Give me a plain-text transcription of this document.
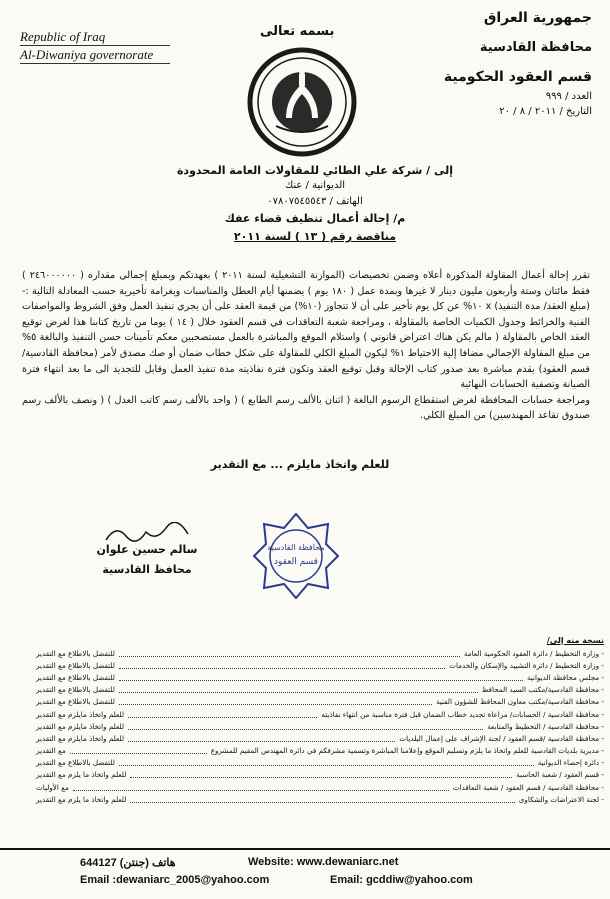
Republic of Iraq
Al-Diwaniya governorate
بسمه تعالى
جمهورية العراق
محافظة القادسية
قسم العقود الحكومية
العدد / ٩٩٩
التاريخ / ٢٠١١ / ٨ / ٢٠
إلى / شركة علي الطائي للمقاولات العامة المحدودة
الديوانية / عنك
الهاتف / ٠٧٨٠٧٥٤٥٥٤٣
م/ إحالة أعمال تنظيف قضاء عفك
مناقصة رقم ( ١٣ ) لسنة ٢٠١١

تقرر إحالة أعمال المقاولة المذكورة أعلاه وضمن تخصيصات (الموازنة التشغيلية لسنة ٢٠١١ ) بعهدتكم وبمبلغ إجمالي مقداره ( ٢٤٦٠٠٠٠٠٠ ) فقط مائتان وستة وأربعون مليون دينار لا غيرها وبمدة عمل ( ١٨٠ يوم ) يضمنها أيام العطل والمناسبات وبغرامة تأخيرية حسب المعادلة التالية :- (مبلغ العقد/ مدة التنفيذ) x ١٠% عن كل يوم تأخير على أن لا تتجاوز (١٠%) من قيمة العقد على أن يجري تنفيذ العمل وفق الشروط والمواصفات الفنية والخرائط وجدول الكميات الخاصة بالمقاولة ، ومراجعة شعبة التعاقدات في قسم العقود خلال ( ١٤ ) يوما من تاريخ كتابنا هذا لغرض توقيع العقد الخاص بالمقاولة ( مالم يكن هناك اعتراض قانوني ) واستلام الموقع والمباشرة بالعمل مستصحبين معكم تأمينات حسن التنفيذ والبالغة ٥% من مبلغ المقاولة الإجمالي مضافا إلية الاحتياط ١% ليكون المبلغ الكلي للمقاولة على شكل خطاب ضمان أو صك مصدق لأمر (محافظة القادسية/قسم العقود) يقدم مباشرة بعد صدور كتاب الإحالة وقبل توقيع العقد وتكون فترة نفاذيته مدة تنفيذ العمل وقابل للتجديد الى ما بعد انتهاء فترة الصيانة وتصفية الحسابات النهائية

ومراجعة حسابات المحافظة لغرض استقطاع الرسوم البالغة ( اثنان بالألف رسم الطابع ) ( واحد بالألف رسم كاتب العدل ) ( ونصف بالألف رسم صندوق تقاعد المهندسين) من المبلغ الكلي.

للعلم واتخاذ مايلزم ... مع التقدير
محافظة القادسية
قسم العقود
سالم حسين علوان
محافظ القادسية
نسخة منه إلى/
- وزارة التخطيط / دائرة العقود الحكومية العامة
للتفضل بالاطلاع مع التقدير
- وزارة التخطيط / دائرة التشييد والإسكان والخدمات
للتفضل بالاطلاع مع التقدير
- مجلس محافظة الديوانية
للتفضل بالاطلاع مع التقدير
- محافظة القادسية/مكتب السيد المحافظ
للتفضل بالاطلاع مع التقدير
- محافظة القادسية/مكتب معاون المحافظ للشؤون الفنية
للتفضل بالاطلاع مع التقدير
- محافظة القادسية / الحسابات/ مراعاة تجديد خطاب الضمان قبل فترة مناسبة من انتهاء نفاذيته
للعلم واتخاذ مايلزم مع التقدير
- محافظة القادسية / التخطيط والمتابعة
للعلم واتخاذ مايلزم مع التقدير
- محافظة القادسية /قسم العقود / لجنة الإشراف على إعمال البلديات
للعلم واتخاذ مايلزم مع التقدير
- مديرية بلديات القادسية للعلم واتخاذ ما يلزم وتسليم الموقع وإعلامنا المباشرة وتسمية مشرفكم في دائرة المهندس المقيم للمشروع
مع التقدير
- دائرة إحصاء الديوانية
للتفضل بالاطلاع مع التقدير
- قسم العقود / شعبة الحاسبة
للعلم واتخاذ ما يلزم مع التقدير
- محافظة القادسية / قسم العقود / شعبة التعاقدات
مع الأوليات
- لجنة الاعتراضات والشكاوى
للعلم واتخاذ ما يلزم مع التقدير
644127 هاتف (جنتن)	Website: www.dewaniarc.net
Email :dewaniarc_2005@yahoo.com	Email: gcddiw@yahoo.com
